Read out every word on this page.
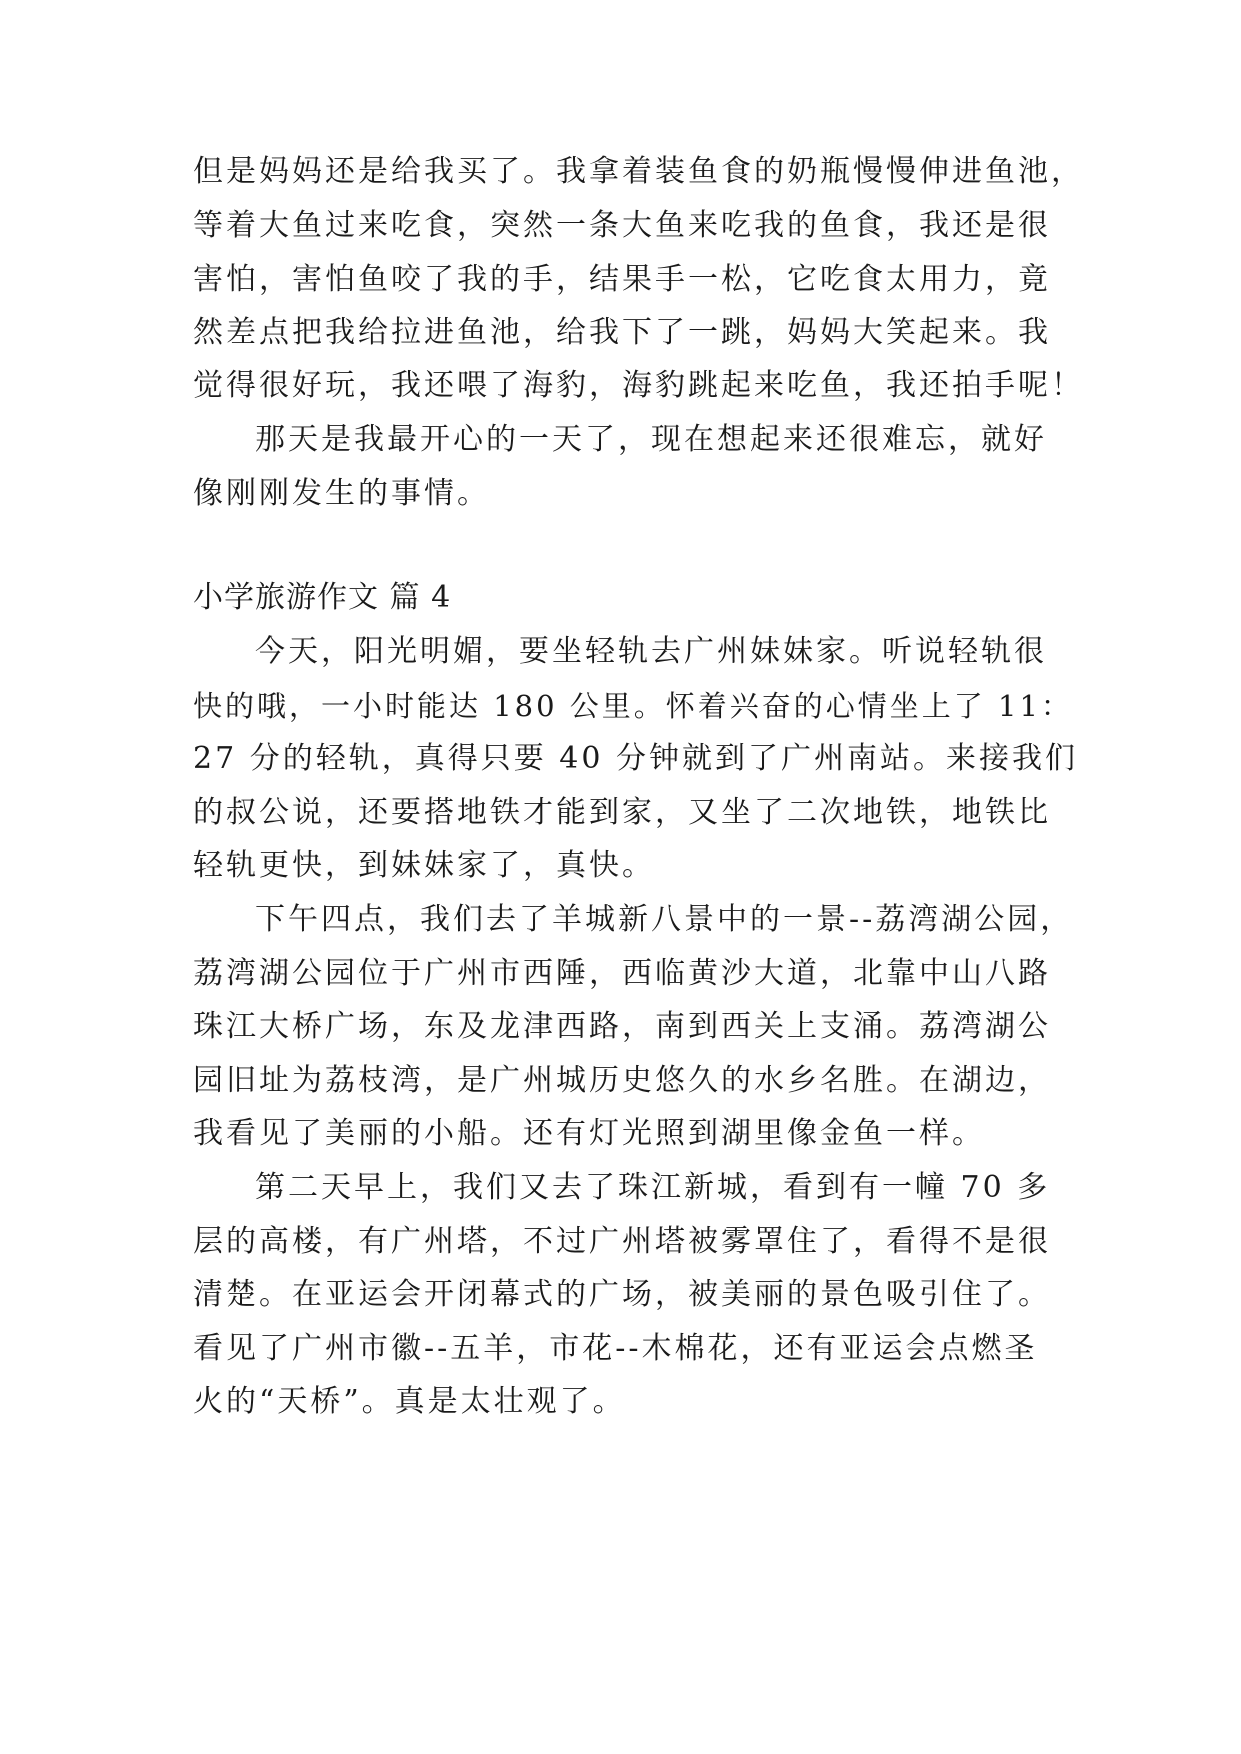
但是妈妈还是给我买了。我拿着装鱼食的奶瓶慢慢伸进鱼池，
等着大鱼过来吃食，突然一条大鱼来吃我的鱼食，我还是很
害怕，害怕鱼咬了我的手，结果手一松，它吃食太用力，竟
然差点把我给拉进鱼池，给我下了一跳，妈妈大笑起来。我
觉得很好玩，我还喂了海豹，海豹跳起来吃鱼，我还拍手呢！
那天是我最开心的一天了，现在想起来还很难忘，就好
像刚刚发生的事情。
小学旅游作文 篇 4
今天，阳光明媚，要坐轻轨去广州妹妹家。听说轻轨很
快的哦，一小时能达 180 公里。怀着兴奋的心情坐上了 11：
27 分的轻轨，真得只要 40 分钟就到了广州南站。来接我们
的叔公说，还要搭地铁才能到家，又坐了二次地铁，地铁比
轻轨更快，到妹妹家了，真快。
下午四点，我们去了羊城新八景中的一景--荔湾湖公园，
荔湾湖公园位于广州市西陲，西临黄沙大道，北靠中山八路
珠江大桥广场，东及龙津西路，南到西关上支涌。荔湾湖公
园旧址为荔枝湾，是广州城历史悠久的水乡名胜。在湖边，
我看见了美丽的小船。还有灯光照到湖里像金鱼一样。
第二天早上，我们又去了珠江新城，看到有一幢 70 多
层的高楼，有广州塔，不过广州塔被雾罩住了，看得不是很
清楚。在亚运会开闭幕式的广场，被美丽的景色吸引住了。
看见了广州市徽--五羊，市花--木棉花，还有亚运会点燃圣
火的“天桥”。真是太壮观了。
